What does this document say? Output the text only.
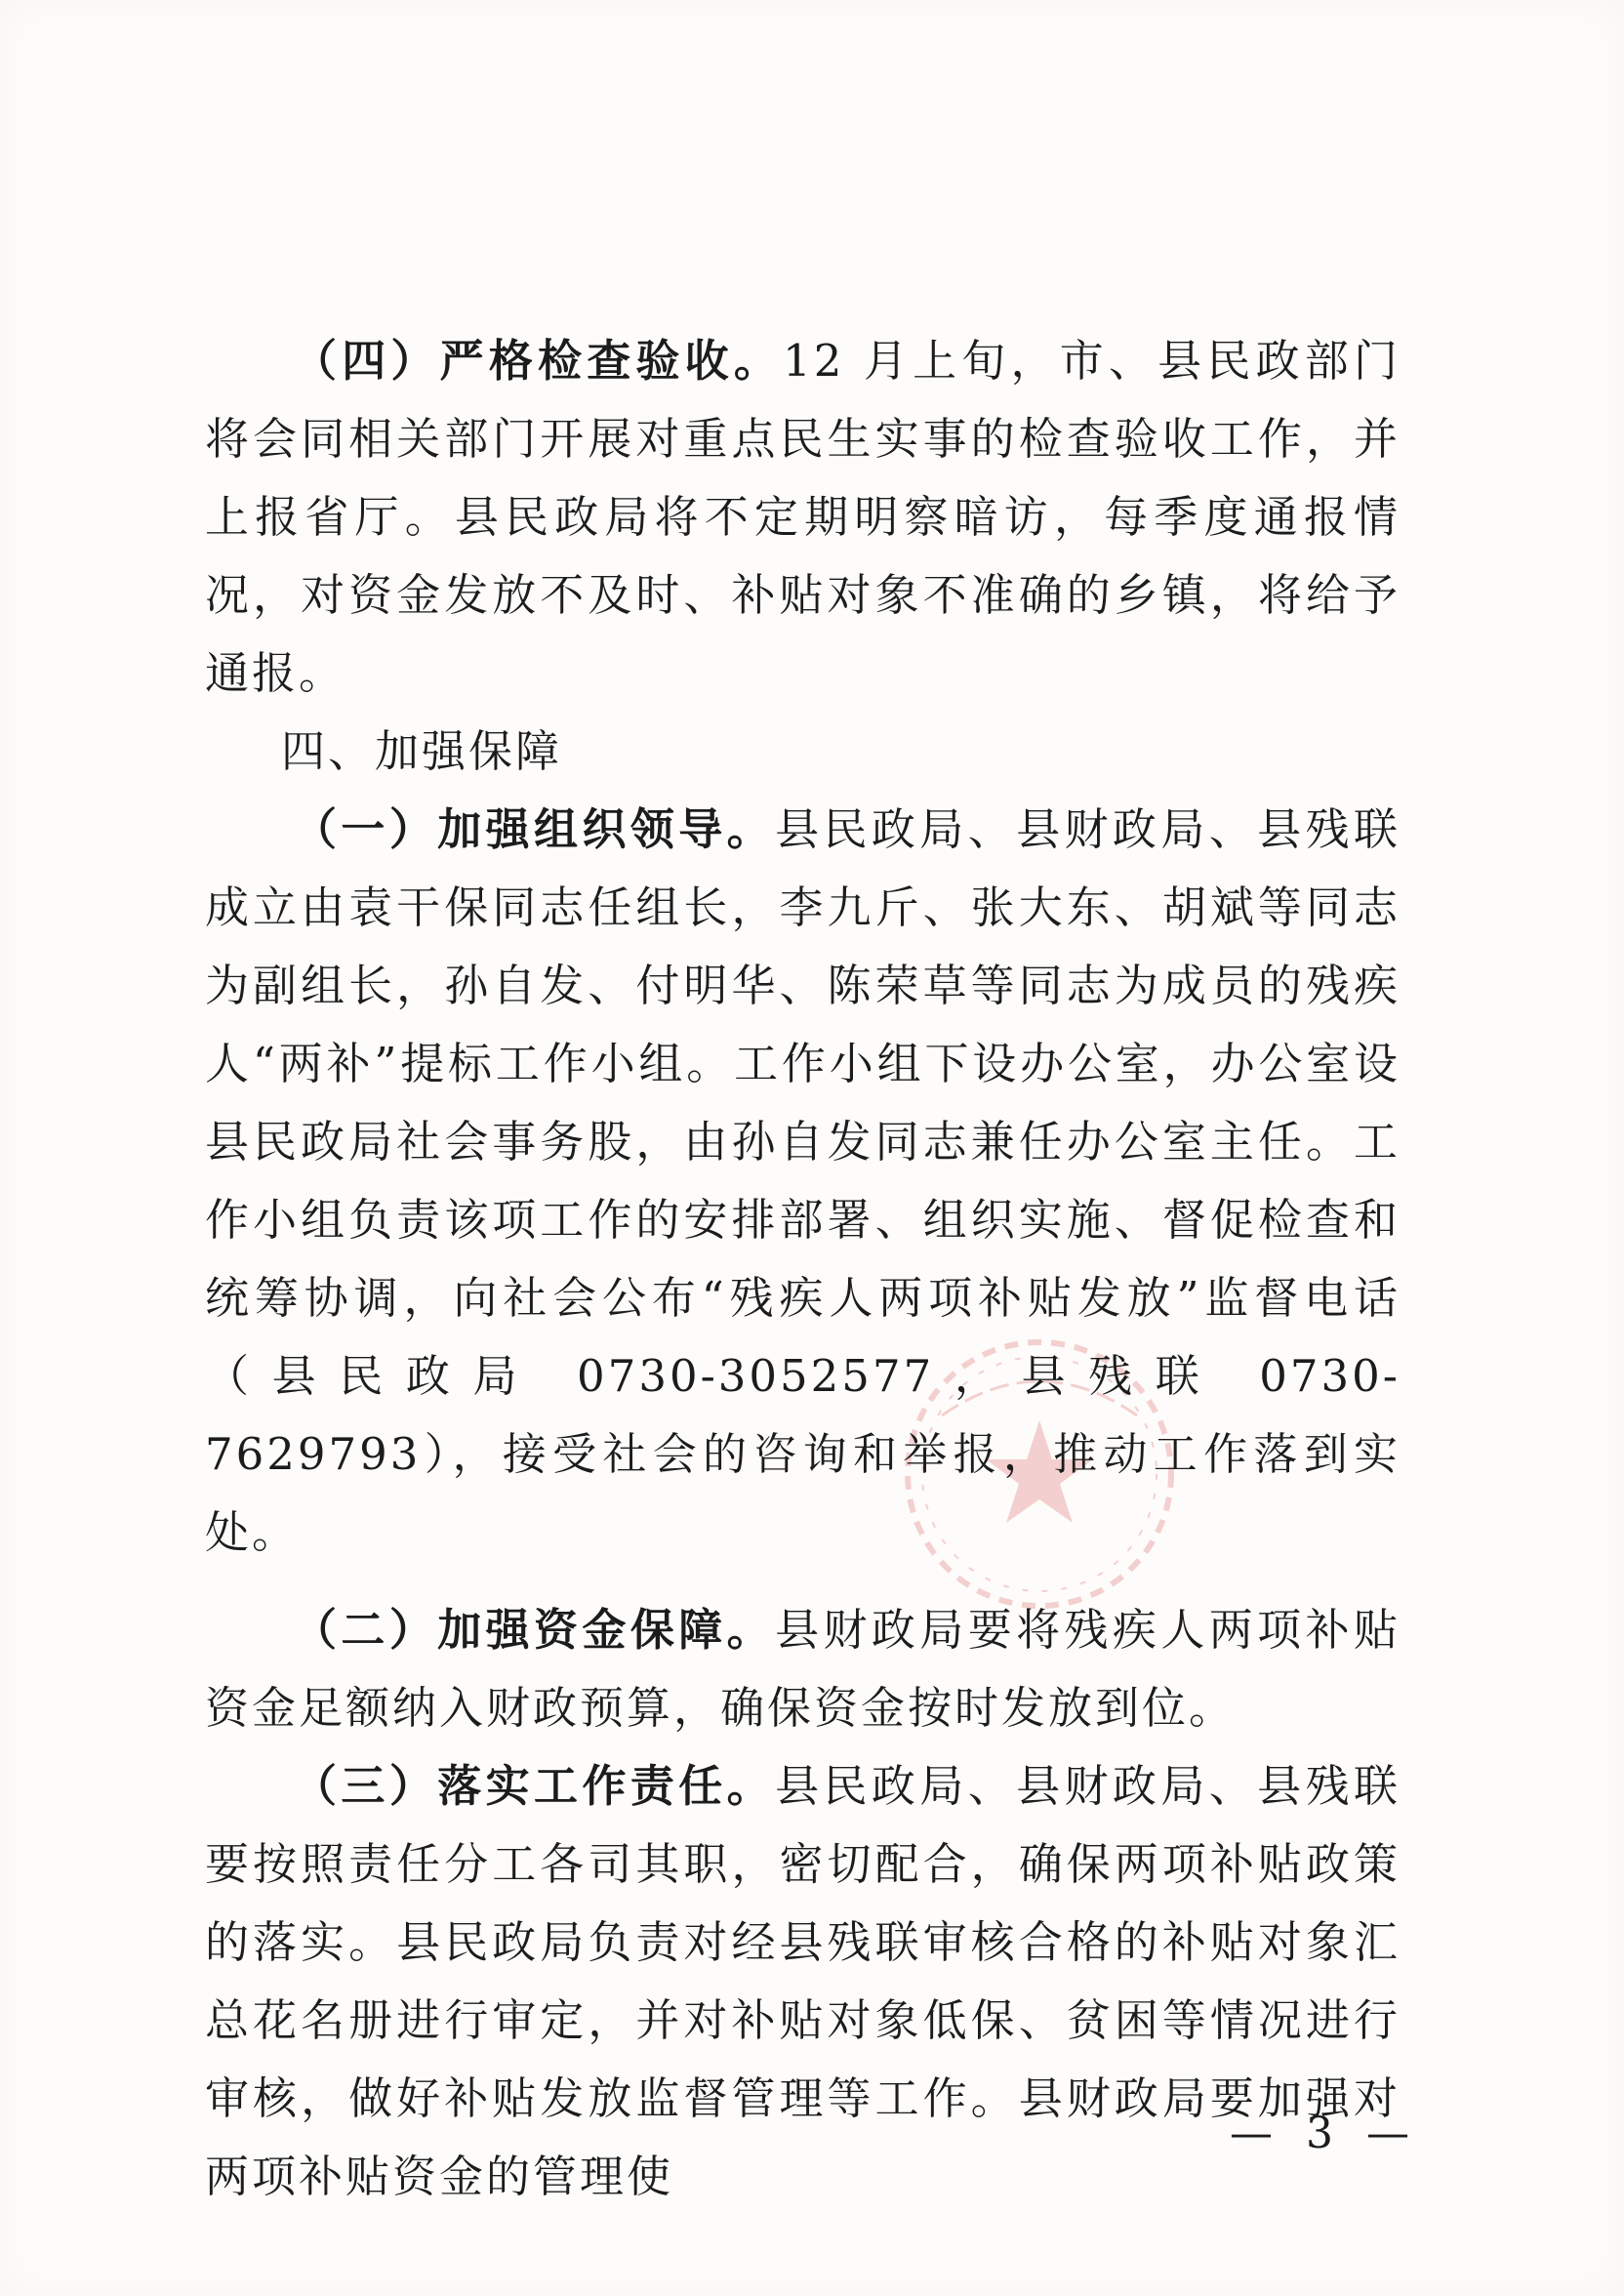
（四）严格检查验收。12 月上旬，市、县民政部门将会同相关部门开展对重点民生实事的检查验收工作，并上报省厅。县民政局将不定期明察暗访，每季度通报情况，对资金发放不及时、补贴对象不准确的乡镇，将给予通报。

四、加强保障

（一）加强组织领导。县民政局、县财政局、县残联成立由袁干保同志任组长，李九斤、张大东、胡斌等同志为副组长，孙自发、付明华、陈荣草等同志为成员的残疾人“两补”提标工作小组。工作小组下设办公室，办公室设县民政局社会事务股，由孙自发同志兼任办公室主任。工作小组负责该项工作的安排部署、组织实施、督促检查和统筹协调，向社会公布“残疾人两项补贴发放”监督电话（县民政局 0730-3052577，县残联 0730-7629793），接受社会的咨询和举报，推动工作落到实处。

（二）加强资金保障。县财政局要将残疾人两项补贴资金足额纳入财政预算，确保资金按时发放到位。

（三）落实工作责任。县民政局、县财政局、县残联要按照责任分工各司其职，密切配合，确保两项补贴政策的落实。县民政局负责对经县残联审核合格的补贴对象汇总花名册进行审定，并对补贴对象低保、贫困等情况进行审核，做好补贴发放监督管理等工作。县财政局要加强对两项补贴资金的管理使

— 3 —
